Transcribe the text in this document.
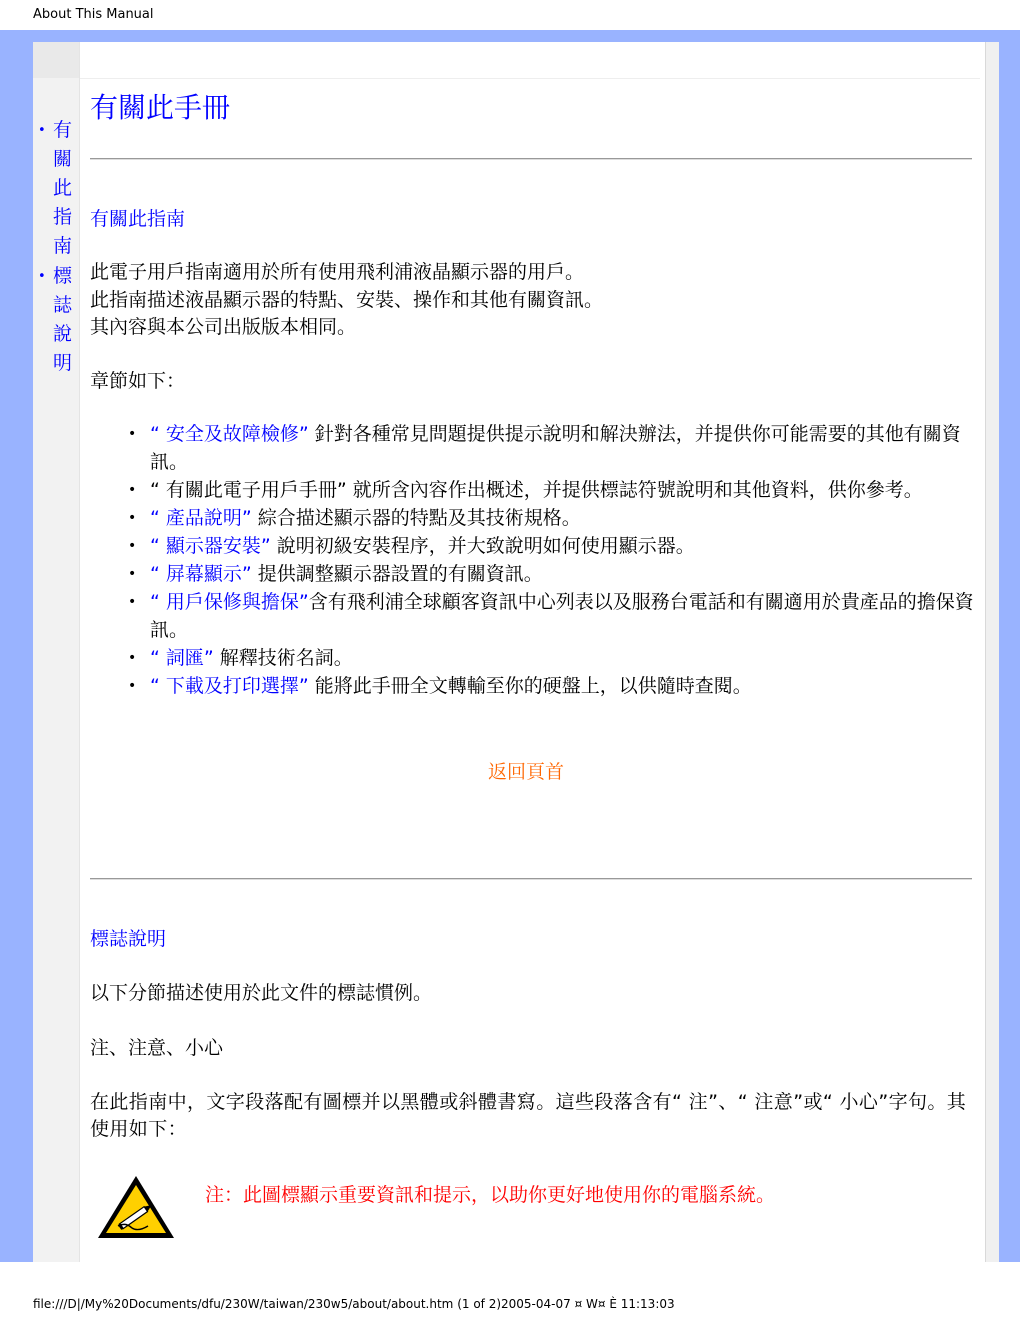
About This Manual
• 有關此指南
• 標誌說明
有關此手冊
有關此指南
此電子用戶指南適用於所有使用飛利浦液晶顯示器的用戶。
此指南描述液晶顯示器的特點、安裝、操作和其他有關資訊。
其內容與本公司出版版本相同。
章節如下：
• “ 安全及故障檢修” 針對各種常見問題提供提示說明和解決辦法，并提供你可能需要的其他有關資訊。
• “ 有關此電子用戶手冊” 就所含內容作出概述，并提供標誌符號說明和其他資料，供你參考。
• “ 產品說明” 綜合描述顯示器的特點及其技術規格。
• “ 顯示器安裝” 說明初級安裝程序，并大致說明如何使用顯示器。
• “ 屏幕顯示” 提供調整顯示器設置的有關資訊。
• “ 用戶保修與擔保”含有飛利浦全球顧客資訊中心列表以及服務台電話和有關適用於貴產品的擔保資訊。
• “ 詞匯” 解釋技術名詞。
• “ 下載及打印選擇” 能將此手冊全文轉輸至你的硬盤上，以供隨時查閱。
返回頁首
標誌說明
以下分節描述使用於此文件的標誌慣例。
注、注意、小心
在此指南中，文字段落配有圖標并以黑體或斜體書寫。這些段落含有“ 注”、“ 注意”或“ 小心”字句。其使用如下：
注：此圖標顯示重要資訊和提示，以助你更好地使用你的電腦系統。
file:///D|/My%20Documents/dfu/230W/taiwan/230w5/about/about.htm (1 of 2)2005-04-07 ¤ W¤ È 11:13:03
